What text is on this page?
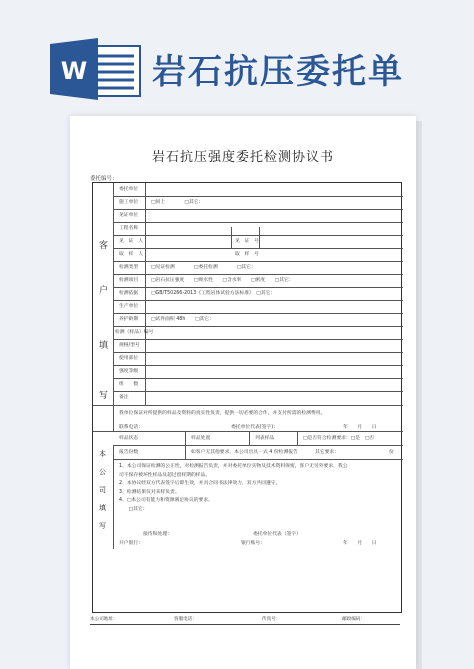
W 岩石抗压委托单
岩石抗压强度委托检测协议书
委托编号：
委托单位
施工单位	□同上　　　　□其它：
见证单位
工程名称
见　证　人	见　证　号
取　样　人	取　样　号
检测类型	□见证检测　　　　□委托检测　　　　□其它：
检测项目	□岩石抗压强度　　□吸水性　　□含水率　　□密度　　□其它：
检测依据	□GB/T50266-2013《工程岩体试验方法标准》　□其它：
生产单位
养护龄期	□试件面积 48h　　□其它：
检测（样品）编号
规格/型号
使用部位
强度等级
组　　数
备注
客
户
填
写
我单位保证对所提供的样品及资料的真实性负责，提供一切必要的合作，并支付所需的检测费用。
联系电话：	委托单位代表(签字)：	年　　月　　日
样品状态	样品处置	列表样品	□是否符合检测要求：□是　□否
报告份数	如客户无其他要求，本公司出具一式 4 份检测报告	其它要求：	份
1、本公司保证检测的公正性，对检测报告负责，并对委托单位实物及技术资料保密，客户无另外要求，我公
司不保存被坏性样品及超过留样期的样品。
2、本协议经双方代表签字后即生效，并具合同书法律效力，双方共同遵守。
3、检测结果仅对来样负责。
4、□本公司有能力和资源满足协议的要求。
　　□其它：
接待和处理：	委托单位代表（签字）
开户银行：	银行账号：	年　　月　　日
本
公
司
填
写
本公司地址：	客服电话：	传真号：	邮政编码：
